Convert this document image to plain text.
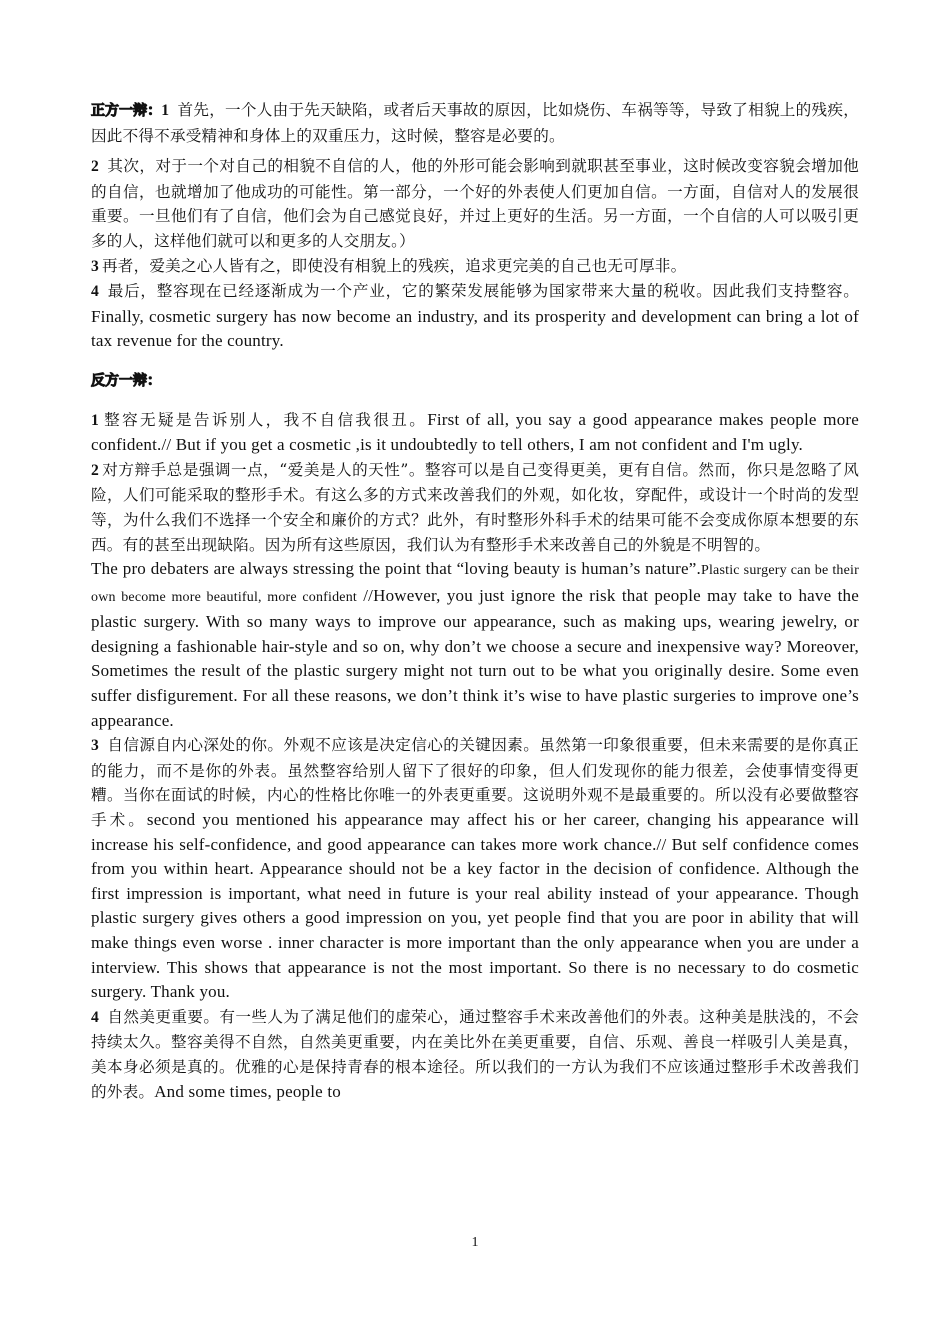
正方一辩：1 首先，一个人由于先天缺陷，或者后天事故的原因，比如烧伤、车祸等等，导致了相貌上的残疾，因此不得不承受精神和身体上的双重压力，这时候，整容是必要的。

2 其次，对于一个对自己的相貌不自信的人，他的外形可能会影响到就职甚至事业，这时候改变容貌会增加他的自信，也就增加了他成功的可能性。第一部分，一个好的外表使人们更加自信。一方面，自信对人的发展很重要。一旦他们有了自信，他们会为自己感觉良好，并过上更好的生活。另一方面，一个自信的人可以吸引更多的人，这样他们就可以和更多的人交朋友。）

3 再者，爱美之心人皆有之，即使没有相貌上的残疾，追求更完美的自己也无可厚非。

4 最后，整容现在已经逐渐成为一个产业，它的繁荣发展能够为国家带来大量的税收。因此我们支持整容。 Finally, cosmetic surgery has now become an industry, and its prosperity and development can bring a lot of tax revenue for the country.

反方一辩：

1 整容无疑是告诉别人，我不自信我很丑。First of all, you say a good appearance makes people more confident.// But if you get a cosmetic ,is it undoubtedly to tell others, I am not confident and I'm ugly.

2 对方辩手总是强调一点，“爱美是人的天性”。整容可以是自己变得更美，更有自信。然而，你只是忽略了风险，人们可能采取的整形手术。有这么多的方式来改善我们的外观，如化妆，穿配件，或设计一个时尚的发型等，为什么我们不选择一个安全和廉价的方式？此外，有时整形外科手术的结果可能不会变成你原本想要的东西。有的甚至出现缺陷。因为所有这些原因，我们认为有整形手术来改善自己的外貌是不明智的。
The pro debaters are always stressing the point that “loving beauty is human’s nature”.Plastic surgery can be their own become more beautiful, more confident //However, you just ignore the risk that people may take to have the plastic surgery. With so many ways to improve our appearance, such as making ups, wearing jewelry, or designing a fashionable hair-style and so on, why don’t we choose a secure and inexpensive way? Moreover, Sometimes the result of the plastic surgery might not turn out to be what you originally desire. Some even suffer disfigurement. For all these reasons, we don’t think it’s wise to have plastic surgeries to improve one’s appearance.

3 自信源自内心深处的你。外观不应该是决定信心的关键因素。虽然第一印象很重要，但未来需要的是你真正的能力，而不是你的外表。虽然整容给别人留下了很好的印象，但人们发现你的能力很差，会使事情变得更糟。当你在面试的时候，内心的性格比你唯一的外表更重要。这说明外观不是最重要的。所以没有必要做整容手术。second you mentioned his appearance may affect his or her career, changing his appearance will increase his self-confidence, and good appearance can takes more work chance.// But self confidence comes from you within heart. Appearance should not be a key factor in the decision of confidence. Although the first impression is important, what need in future is your real ability instead of your appearance. Though plastic surgery gives others a good impression on you, yet people find that you are poor in ability that will make things even worse . inner character is more important than the only appearance when you are under a interview. This shows that appearance is not the most important. So there is no necessary to do cosmetic surgery. Thank you.

4 自然美更重要。有一些人为了满足他们的虚荣心，通过整容手术来改善他们的外表。这种美是肤浅的，不会持续太久。整容美得不自然，自然美更重要，内在美比外在美更重要，自信、乐观、善良一样吸引人美是真，美本身必须是真的。优雅的心是保持青春的根本途径。所以我们的一方认为我们不应该通过整形手术改善我们的外表。And some times, people to

1
